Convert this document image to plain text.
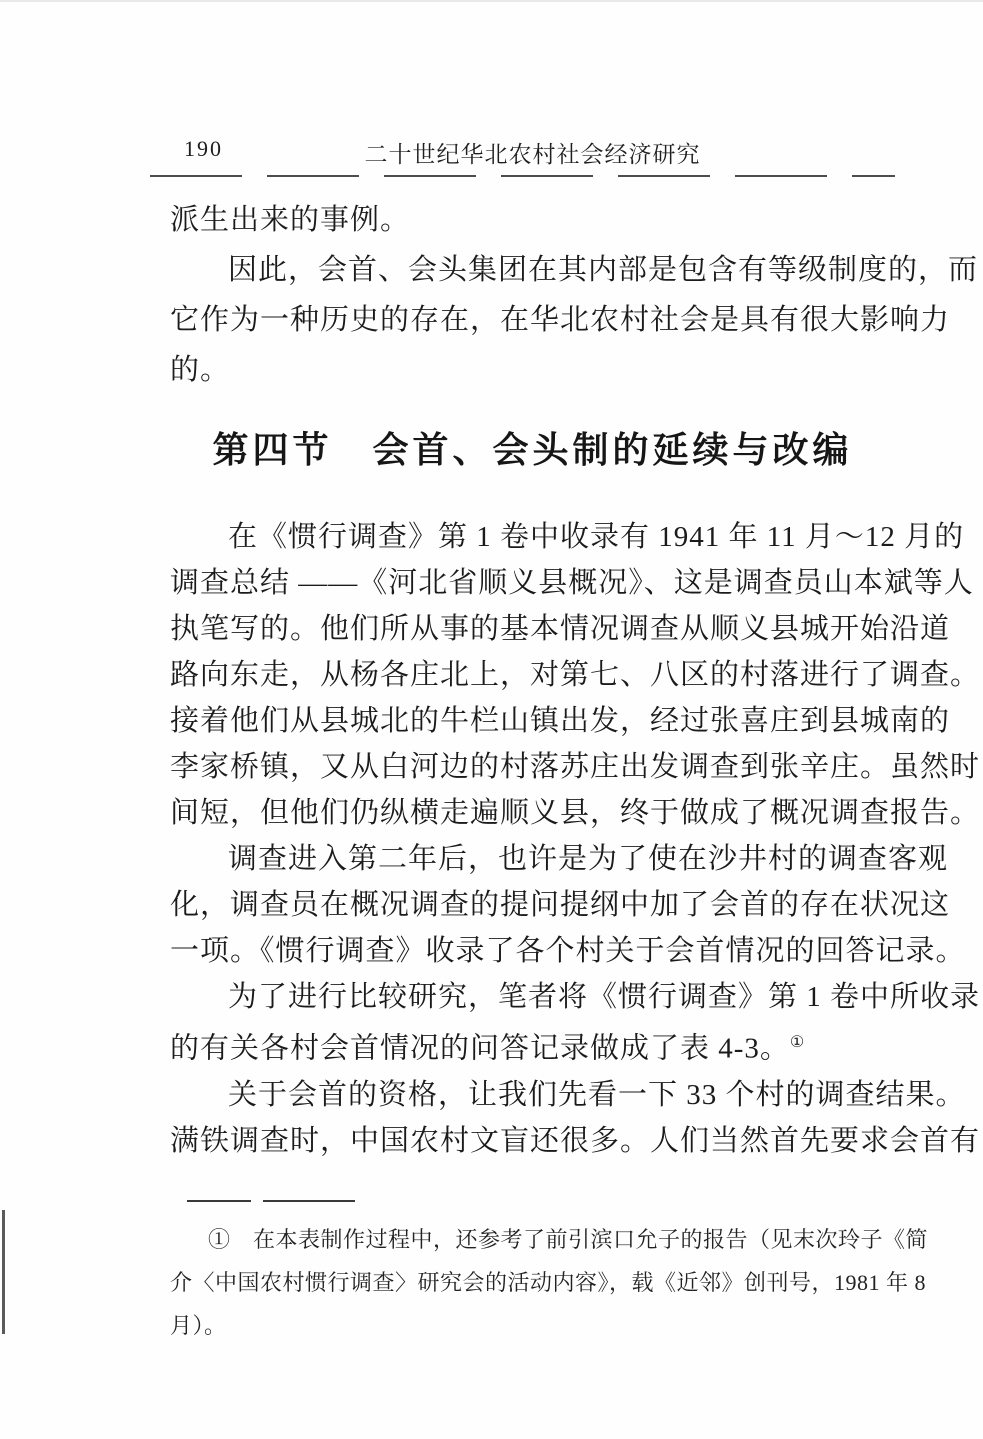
190	二十世纪华北农村社会经济研究
派生出来的事例。
因此，会首、会头集团在其内部是包含有等级制度的，而
它作为一种历史的存在，在华北农村社会是具有很大影响力
的。
第四节　会首、会头制的延续与改编
在《惯行调查》第 1 卷中收录有 1941 年 11 月～12 月的
调查总结 ——《河北省顺义县概况》、这是调查员山本斌等人
执笔写的。他们所从事的基本情况调查从顺义县城开始沿道
路向东走，从杨各庄北上，对第七、八区的村落进行了调查。
接着他们从县城北的牛栏山镇出发，经过张喜庄到县城南的
李家桥镇，又从白河边的村落苏庄出发调查到张辛庄。虽然时
间短，但他们仍纵横走遍顺义县，终于做成了概况调查报告。
调查进入第二年后，也许是为了使在沙井村的调查客观
化，调查员在概况调查的提问提纲中加了会首的存在状况这
一项。《惯行调查》收录了各个村关于会首情况的回答记录。
为了进行比较研究，笔者将《惯行调查》第 1 卷中所收录
的有关各村会首情况的问答记录做成了表 4-3。①
关于会首的资格，让我们先看一下 33 个村的调查结果。
满铁调查时，中国农村文盲还很多。人们当然首先要求会首有
①　在本表制作过程中，还参考了前引滨口允子的报告（见末次玲子《简
介〈中国农村惯行调查〉研究会的活动内容》，载《近邻》创刊号，1981 年 8
月）。
